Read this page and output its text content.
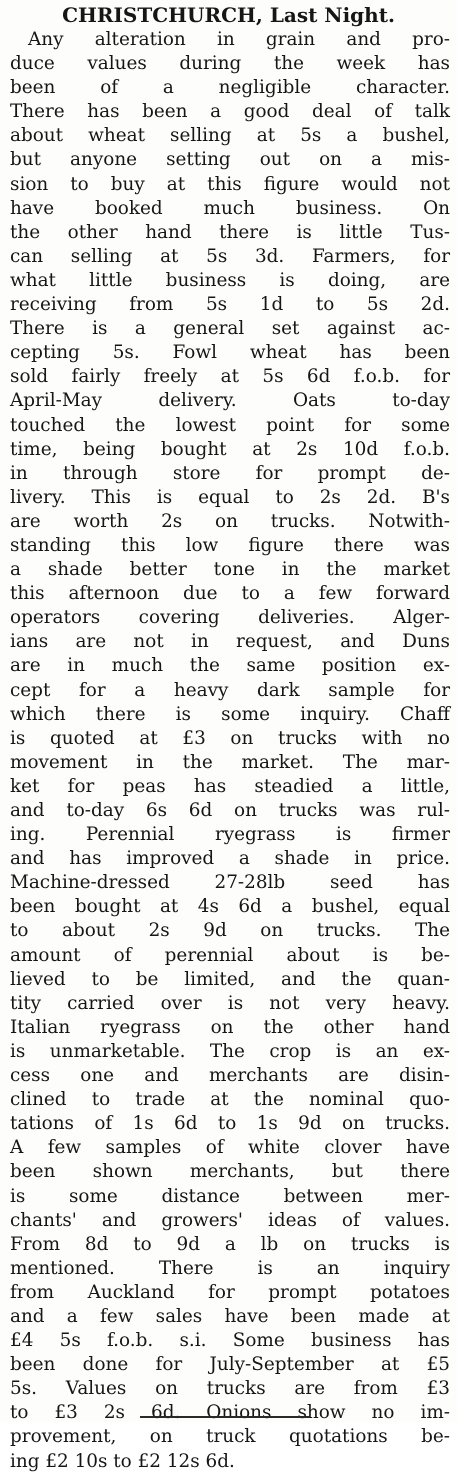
CHRISTCHURCH, Last Night.
Any alteration in grain and pro-
duce values during the week has
been of a negligible character.
There has been a good deal of talk
about wheat selling at 5s a bushel,
but anyone setting out on a mis-
sion to buy at this figure would not
have booked much business. On
the other hand there is little Tus-
can selling at 5s 3d. Farmers, for
what little business is doing, are
receiving from 5s 1d to 5s 2d.
There is a general set against ac-
cepting 5s. Fowl wheat has been
sold fairly freely at 5s 6d f.o.b. for
April-May delivery. Oats to-day
touched the lowest point for some
time, being bought at 2s 10d f.o.b.
in through store for prompt de-
livery. This is equal to 2s 2d. B's
are worth 2s on trucks. Notwith-
standing this low figure there was
a shade better tone in the market
this afternoon due to a few forward
operators covering deliveries. Alger-
ians are not in request, and Duns
are in much the same position ex-
cept for a heavy dark sample for
which there is some inquiry. Chaff
is quoted at £3 on trucks with no
movement in the market. The mar-
ket for peas has steadied a little,
and to-day 6s 6d on trucks was rul-
ing. Perennial ryegrass is firmer
and has improved a shade in price.
Machine-dressed 27-28lb seed has
been bought at 4s 6d a bushel, equal
to about 2s 9d on trucks. The
amount of perennial about is be-
lieved to be limited, and the quan-
tity carried over is not very heavy.
Italian ryegrass on the other hand
is unmarketable. The crop is an ex-
cess one and merchants are disin-
clined to trade at the nominal quo-
tations of 1s 6d to 1s 9d on trucks.
A few samples of white clover have
been shown merchants, but there
is some distance between mer-
chants' and growers' ideas of values.
From 8d to 9d a lb on trucks is
mentioned. There is an inquiry
from Auckland for prompt potatoes
and a few sales have been made at
£4 5s f.o.b. s.i. Some business has
been done for July-September at £5
5s. Values on trucks are from £3
to £3 2s 6d. Onions show no im-
provement, on truck quotations be-
ing £2 10s to £2 12s 6d.
